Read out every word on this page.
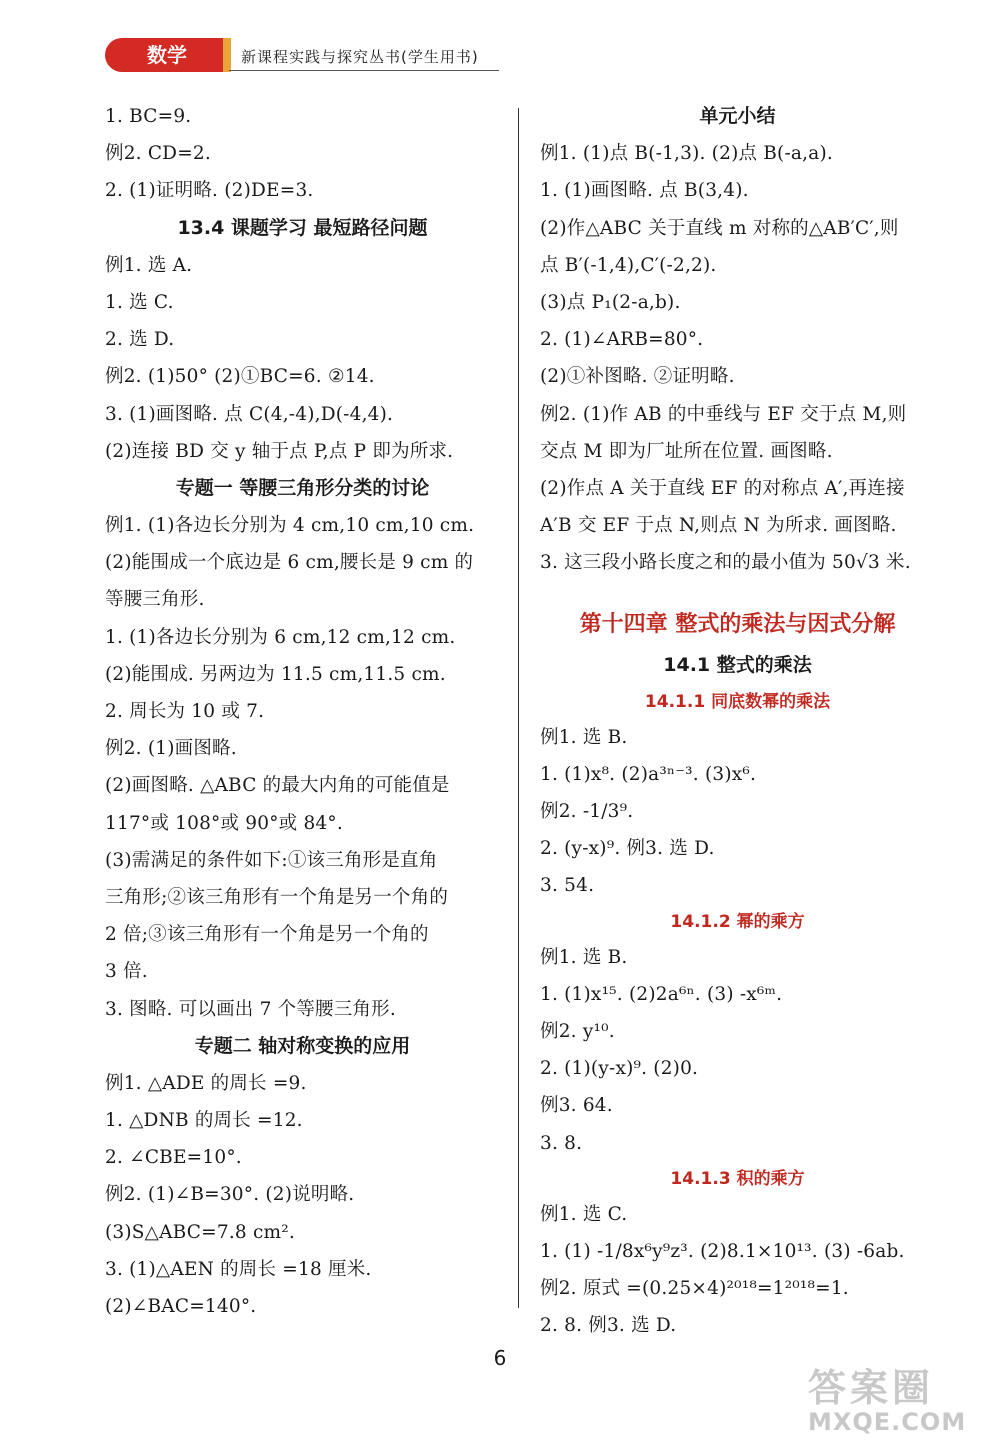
数学	新课程实践与探究丛书(学生用书)
1. BC=9.
例2. CD=2.
2. (1)证明略. (2)DE=3.
13.4 课题学习 最短路径问题
例1. 选 A.
1. 选 C.
2. 选 D.
例2. (1)50° (2)①BC=6. ②14.
3. (1)画图略. 点 C(4,-4),D(-4,4).
(2)连接 BD 交 y 轴于点 P,点 P 即为所求.
专题一 等腰三角形分类的讨论
例1. (1)各边长分别为 4 cm,10 cm,10 cm.
(2)能围成一个底边是 6 cm,腰长是 9 cm 的
等腰三角形.
1. (1)各边长分别为 6 cm,12 cm,12 cm.
(2)能围成. 另两边为 11.5 cm,11.5 cm.
2. 周长为 10 或 7.
例2. (1)画图略.
(2)画图略. △ABC 的最大内角的可能值是
117°或 108°或 90°或 84°.
(3)需满足的条件如下:①该三角形是直角
三角形;②该三角形有一个角是另一个角的
2 倍;③该三角形有一个角是另一个角的
3 倍.
3. 图略. 可以画出 7 个等腰三角形.
专题二 轴对称变换的应用
例1. △ADE 的周长 =9.
1. △DNB 的周长 =12.
2. ∠CBE=10°.
例2. (1)∠B=30°. (2)说明略.
(3)S△ABC=7.8 cm².
3. (1)△AEN 的周长 =18 厘米.
(2)∠BAC=140°.
单元小结
例1. (1)点 B(-1,3). (2)点 B(-a,a).
1. (1)画图略. 点 B(3,4).
(2)作△ABC 关于直线 m 对称的△AB′C′,则
点 B′(-1,4),C′(-2,2).
(3)点 P₁(2-a,b).
2. (1)∠ARB=80°.
(2)①补图略. ②证明略.
例2. (1)作 AB 的中垂线与 EF 交于点 M,则
交点 M 即为厂址所在位置. 画图略.
(2)作点 A 关于直线 EF 的对称点 A′,再连接
A′B 交 EF 于点 N,则点 N 为所求. 画图略.
3. 这三段小路长度之和的最小值为 50√3 米.
第十四章 整式的乘法与因式分解
14.1 整式的乘法
14.1.1 同底数幂的乘法
例1. 选 B.
1. (1)x⁸. (2)a³ⁿ⁻³. (3)x⁶.
例2. -1/3⁹.
2. (y-x)⁹. 例3. 选 D.
3. 54.
14.1.2 幂的乘方
例1. 选 B.
1. (1)x¹⁵. (2)2a⁶ⁿ. (3) -x⁶ᵐ.
例2. y¹⁰.
2. (1)(y-x)⁹. (2)0.
例3. 64.
3. 8.
14.1.3 积的乘方
例1. 选 C.
1. (1) -1/8x⁶y⁹z³. (2)8.1×10¹³. (3) -6ab.
例2. 原式 =(0.25×4)²⁰¹⁸=1²⁰¹⁸=1.
2. 8. 例3. 选 D.
6
答案圈
MXQE.COM
